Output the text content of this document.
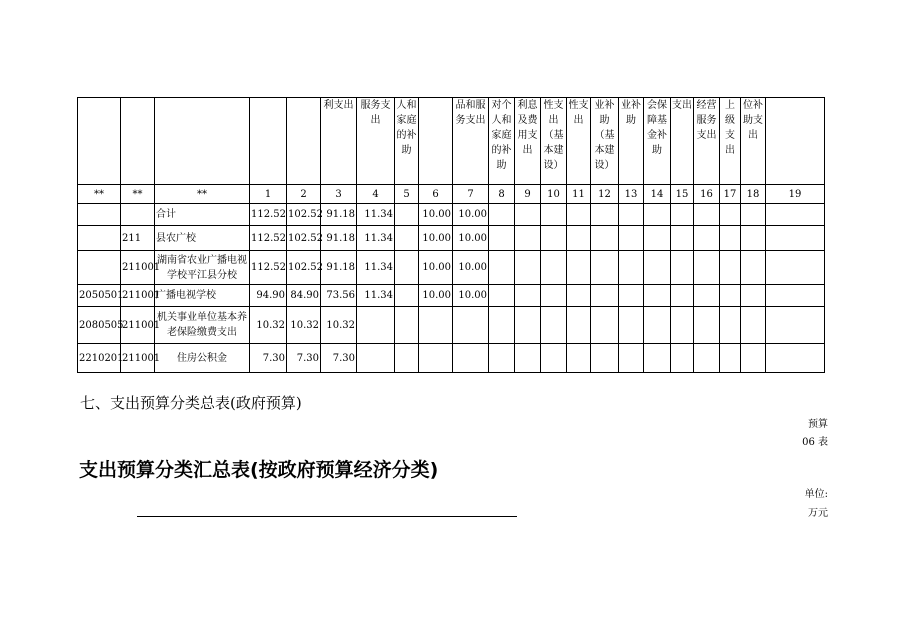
					利支出	服务支出	人和家庭的补助		品和服务支出	对个人和家庭的补助	利息及费用支出	性支出（基本建设）	性支出	业补助（基本建设）	业补助	会保障基金补助	支出	经营服务支出	上级支出	位补助支出	
**	**	**	1	2	3	4	5	6	7	8	9	10	11	12	13	14	15	16	17	18	19
		合计	112.52	102.52	91.18	11.34		10.00	10.00												
	211	县农广校	112.52	102.52	91.18	11.34		10.00	10.00												
	211001	湖南省农业广播电视学校平江县分校	112.52	102.52	91.18	11.34		10.00	10.00												
2050501	211001	广播电视学校	94.90	84.90	73.56	11.34		10.00	10.00												
2080505	211001	机关事业单位基本养老保险缴费支出	10.32	10.32	10.32																
2210201	211001	住房公积金	7.30	7.30	7.30																
七、支出预算分类总表(政府预算)
预算
06 表
支出预算分类汇总表(按政府预算经济分类)
单位:
万元
